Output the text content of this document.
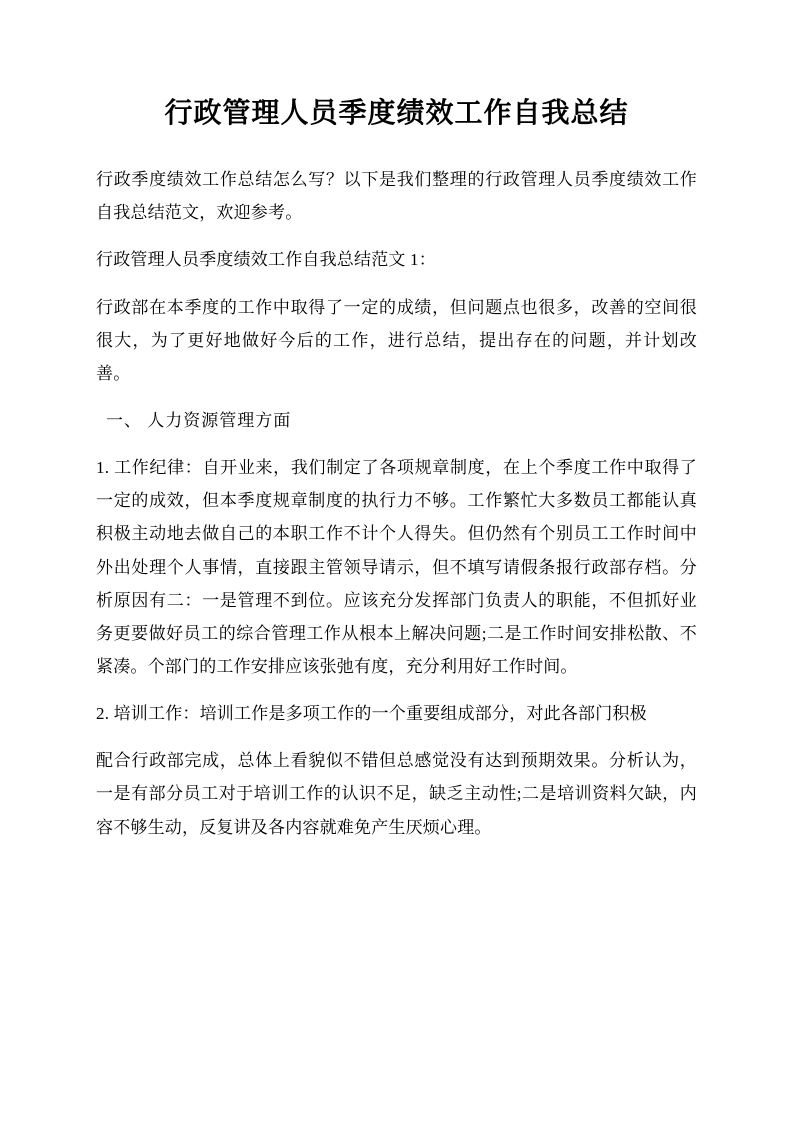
行政管理人员季度绩效工作自我总结

行政季度绩效工作总结怎么写？以下是我们整理的行政管理人员季度绩效工作自我总结范文，欢迎参考。

行政管理人员季度绩效工作自我总结范文 1：

行政部在本季度的工作中取得了一定的成绩，但问题点也很多，改善的空间很很大，为了更好地做好今后的工作，进行总结，提出存在的问题，并计划改善。

一、 人力资源管理方面

1. 工作纪律：自开业来，我们制定了各项规章制度，在上个季度工作中取得了一定的成效，但本季度规章制度的执行力不够。工作繁忙大多数员工都能认真积极主动地去做自己的本职工作不计个人得失。但仍然有个别员工工作时间中外出处理个人事情，直接跟主管领导请示，但不填写请假条报行政部存档。分析原因有二：一是管理不到位。应该充分发挥部门负责人的职能，不但抓好业务更要做好员工的综合管理工作从根本上解决问题;二是工作时间安排松散、不紧凑。个部门的工作安排应该张弛有度，充分利用好工作时间。

2. 培训工作：培训工作是多项工作的一个重要组成部分，对此各部门积极

配合行政部完成，总体上看貌似不错但总感觉没有达到预期效果。分析认为，一是有部分员工对于培训工作的认识不足，缺乏主动性;二是培训资料欠缺，内容不够生动，反复讲及各内容就难免产生厌烦心理。
